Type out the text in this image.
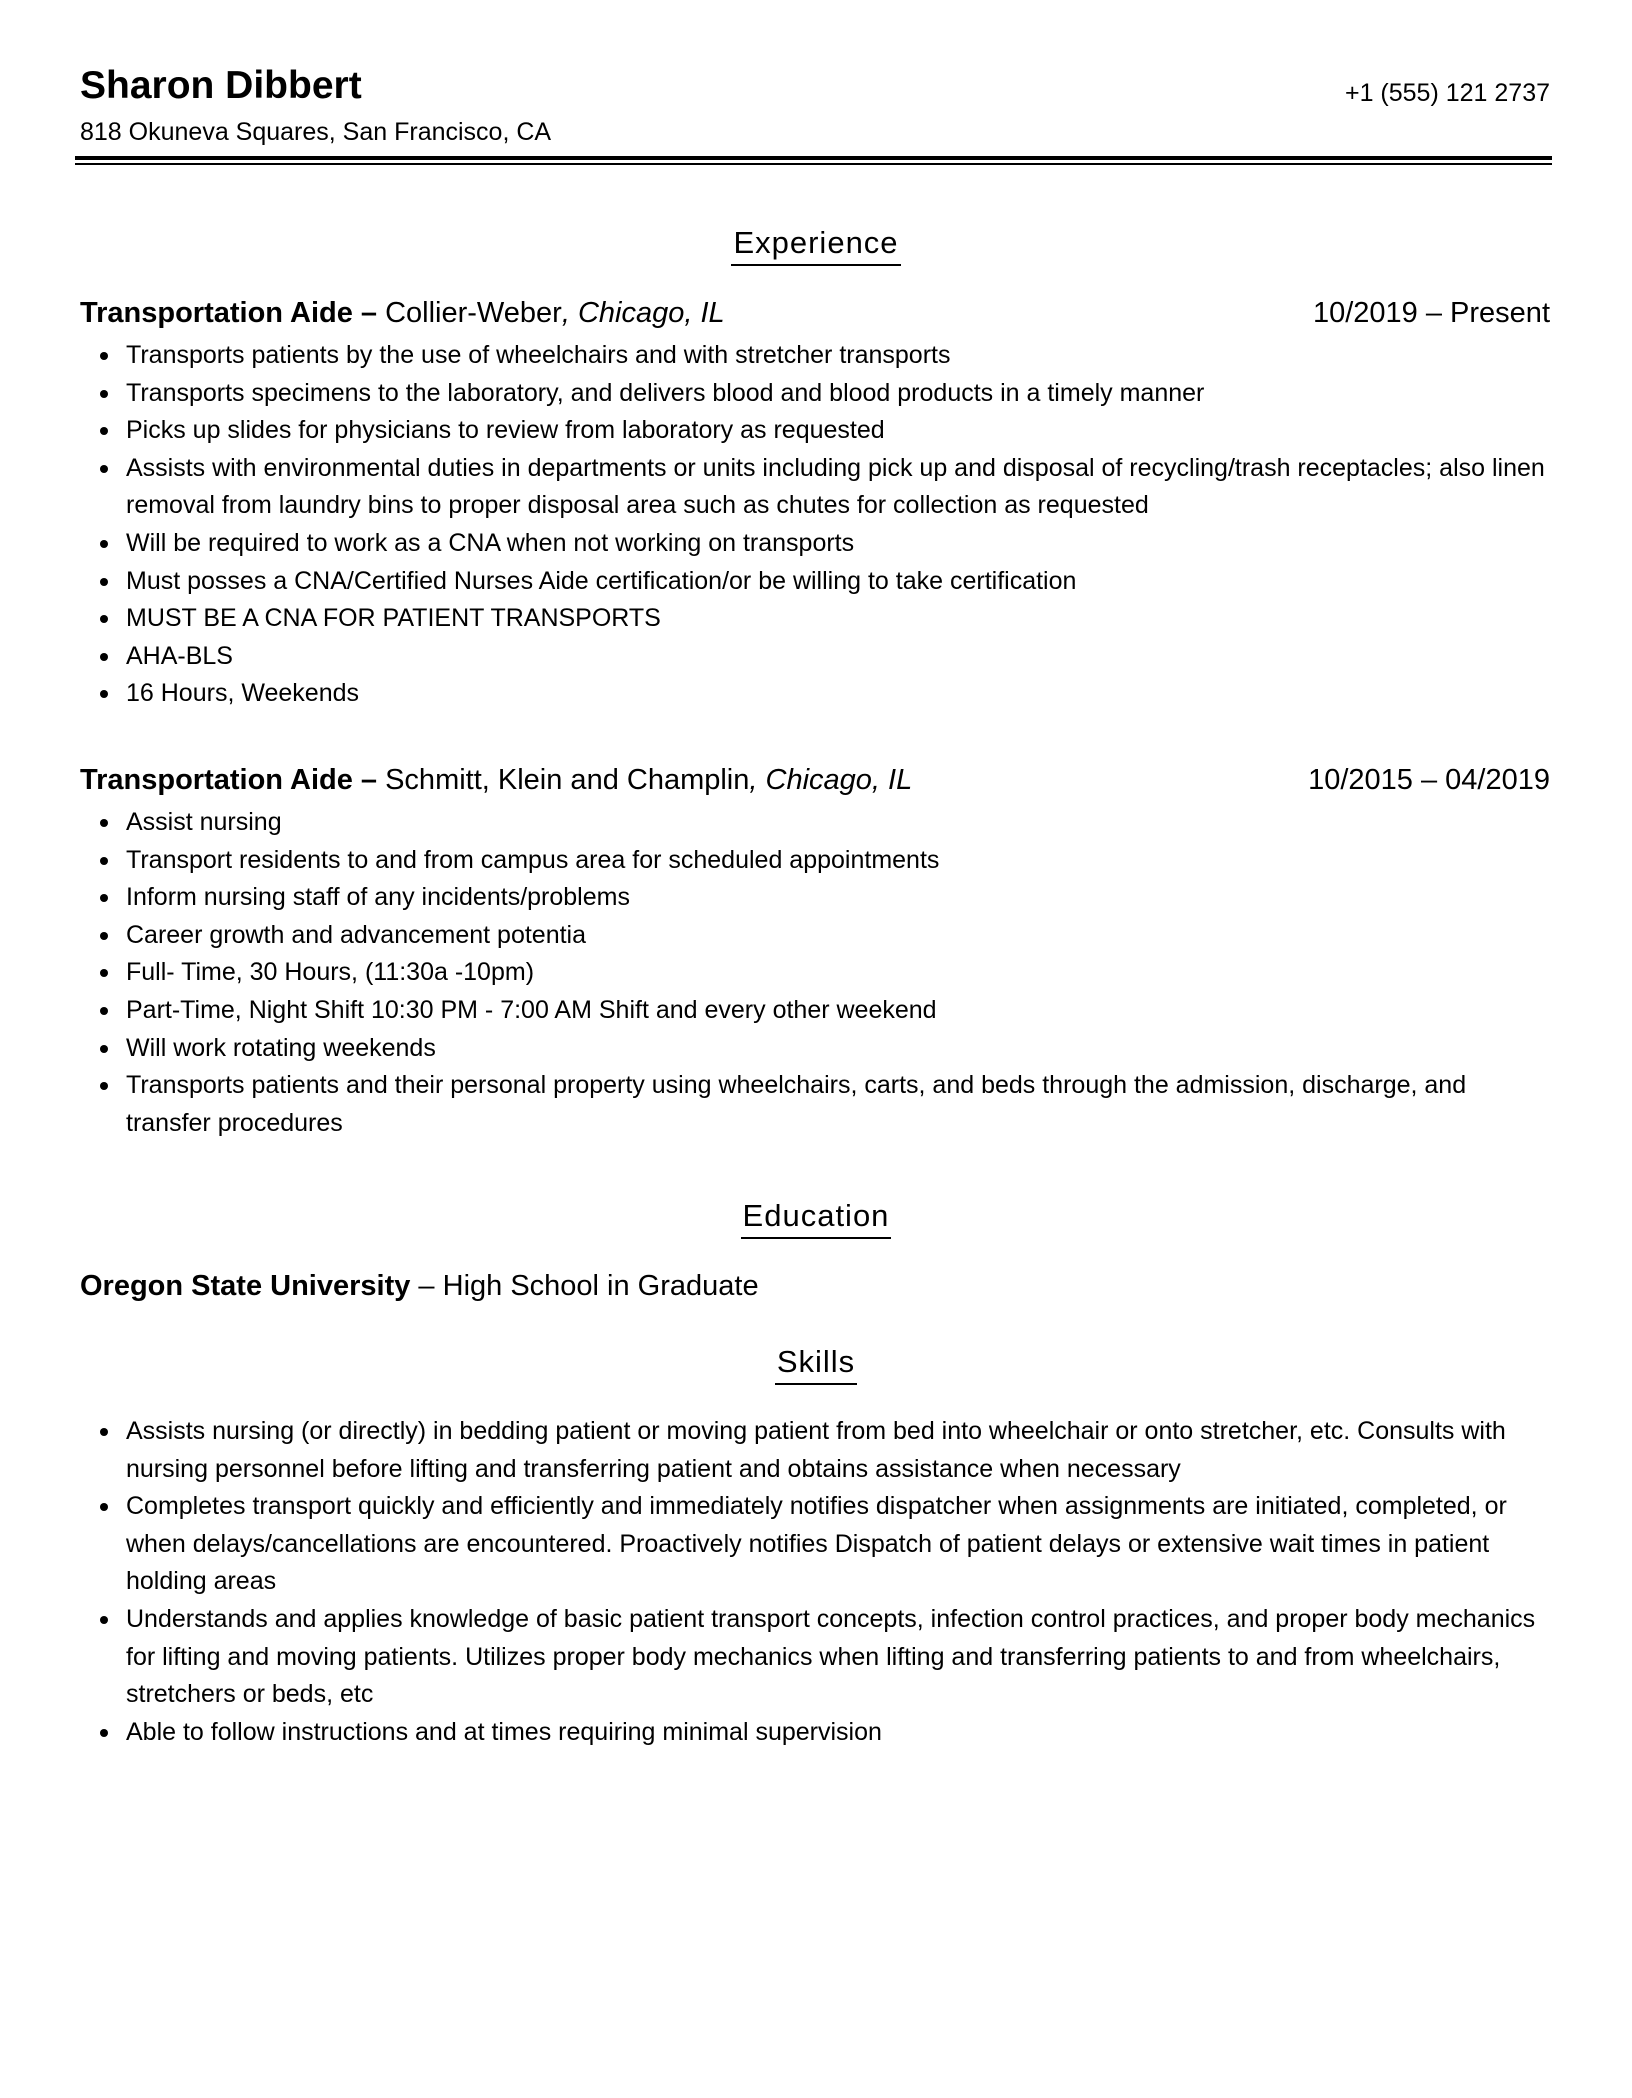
Sharon Dibbert
818 Okuneva Squares, San Francisco, CA
+1 (555) 121 2737
Experience
Transportation Aide – Collier-Weber, Chicago, IL	10/2019 – Present
Transports patients by the use of wheelchairs and with stretcher transports
Transports specimens to the laboratory, and delivers blood and blood products in a timely manner
Picks up slides for physicians to review from laboratory as requested
Assists with environmental duties in departments or units including pick up and disposal of recycling/trash receptacles; also linen removal from laundry bins to proper disposal area such as chutes for collection as requested
Will be required to work as a CNA when not working on transports
Must posses a CNA/Certified Nurses Aide certification/or be willing to take certification
MUST BE A CNA FOR PATIENT TRANSPORTS
AHA-BLS
16 Hours, Weekends
Transportation Aide – Schmitt, Klein and Champlin, Chicago, IL	10/2015 – 04/2019
Assist nursing
Transport residents to and from campus area for scheduled appointments
Inform nursing staff of any incidents/problems
Career growth and advancement potentia
Full- Time, 30 Hours, (11:30a -10pm)
Part-Time, Night Shift 10:30 PM - 7:00 AM Shift and every other weekend
Will work rotating weekends
Transports patients and their personal property using wheelchairs, carts, and beds through the admission, discharge, and transfer procedures
Education
Oregon State University – High School in Graduate
Skills
Assists nursing (or directly) in bedding patient or moving patient from bed into wheelchair or onto stretcher, etc. Consults with nursing personnel before lifting and transferring patient and obtains assistance when necessary
Completes transport quickly and efficiently and immediately notifies dispatcher when assignments are initiated, completed, or when delays/cancellations are encountered. Proactively notifies Dispatch of patient delays or extensive wait times in patient holding areas
Understands and applies knowledge of basic patient transport concepts, infection control practices, and proper body mechanics for lifting and moving patients. Utilizes proper body mechanics when lifting and transferring patients to and from wheelchairs, stretchers or beds, etc
Able to follow instructions and at times requiring minimal supervision
